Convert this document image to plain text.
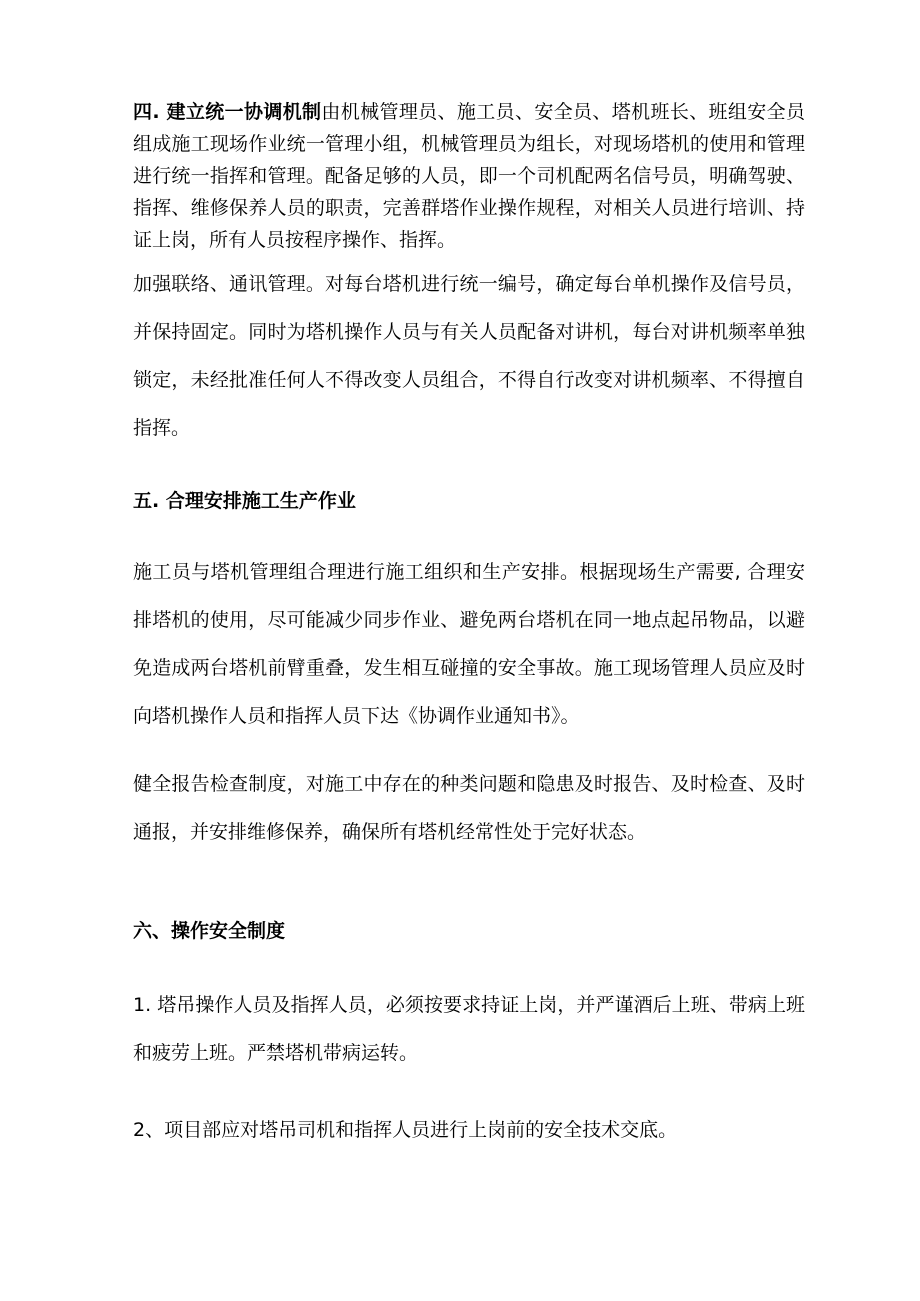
四. 建立统一协调机制由机械管理员、施工员、安全员、塔机班长、班组安全员组成施工现场作业统一管理小组，机械管理员为组长，对现场塔机的使用和管理进行统一指挥和管理。配备足够的人员，即一个司机配两名信号员，明确驾驶、指挥、维修保养人员的职责，完善群塔作业操作规程，对相关人员进行培训、持证上岗，所有人员按程序操作、指挥。

加强联络、通讯管理。对每台塔机进行统一编号，确定每台单机操作及信号员，并保持固定。同时为塔机操作人员与有关人员配备对讲机，每台对讲机频率单独锁定，未经批准任何人不得改变人员组合，不得自行改变对讲机频率、不得擅自指挥。

五. 合理安排施工生产作业

施工员与塔机管理组合理进行施工组织和生产安排。根据现场生产需要, 合理安排塔机的使用，尽可能减少同步作业、避免两台塔机在同一地点起吊物品，以避免造成两台塔机前臂重叠，发生相互碰撞的安全事故。施工现场管理人员应及时向塔机操作人员和指挥人员下达《协调作业通知书》。

健全报告检查制度，对施工中存在的种类问题和隐患及时报告、及时检查、及时通报，并安排维修保养，确保所有塔机经常性处于完好状态。

六、操作安全制度

1. 塔吊操作人员及指挥人员，必须按要求持证上岗，并严谨酒后上班、带病上班和疲劳上班。严禁塔机带病运转。

2、项目部应对塔吊司机和指挥人员进行上岗前的安全技术交底。
